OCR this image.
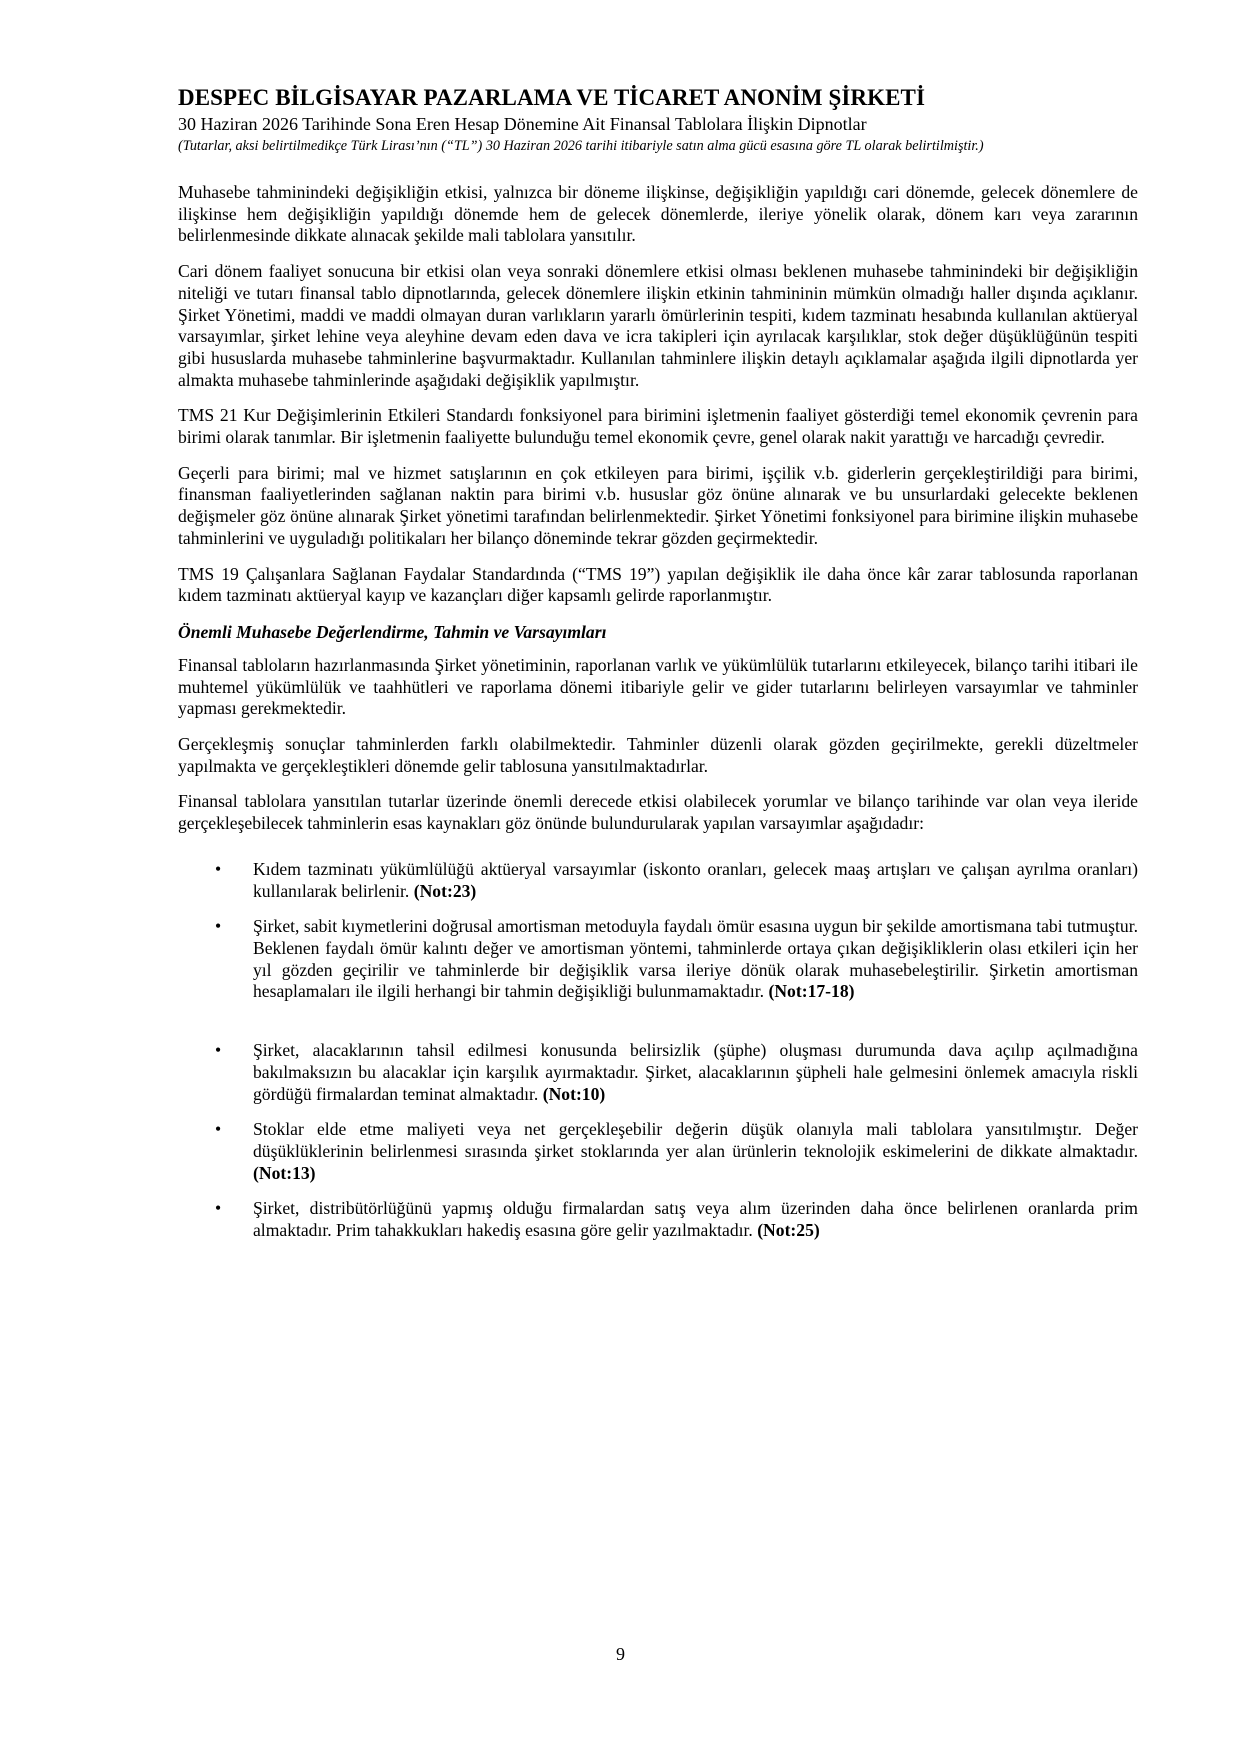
DESPEC BİLGİSAYAR PAZARLAMA VE TİCARET ANONİM ŞİRKETİ
30 Haziran 2026 Tarihinde Sona Eren Hesap Dönemine Ait Finansal Tablolara İlişkin Dipnotlar
(Tutarlar, aksi belirtilmedikçe Türk Lirası’nın (“TL”) 30 Haziran 2026 tarihi itibariyle satın alma gücü esasına göre TL olarak belirtilmiştir.)

Muhasebe tahminindeki değişikliğin etkisi, yalnızca bir döneme ilişkinse, değişikliğin yapıldığı cari dönemde, gelecek dönemlere de ilişkinse hem değişikliğin yapıldığı dönemde hem de gelecek dönemlerde, ileriye yönelik olarak, dönem karı veya zararının belirlenmesinde dikkate alınacak şekilde mali tablolara yansıtılır.

Cari dönem faaliyet sonucuna bir etkisi olan veya sonraki dönemlere etkisi olması beklenen muhasebe tahminindeki bir değişikliğin niteliği ve tutarı finansal tablo dipnotlarında, gelecek dönemlere ilişkin etkinin tahmininin mümkün olmadığı haller dışında açıklanır. Şirket Yönetimi, maddi ve maddi olmayan duran varlıkların yararlı ömürlerinin tespiti, kıdem tazminatı hesabında kullanılan aktüeryal varsayımlar, şirket lehine veya aleyhine devam eden dava ve icra takipleri için ayrılacak karşılıklar, stok değer düşüklüğünün tespiti gibi hususlarda muhasebe tahminlerine başvurmaktadır. Kullanılan tahminlere ilişkin detaylı açıklamalar aşağıda ilgili dipnotlarda yer almakta muhasebe tahminlerinde aşağıdaki değişiklik yapılmıştır.

TMS 21 Kur Değişimlerinin Etkileri Standardı fonksiyonel para birimini işletmenin faaliyet gösterdiği temel ekonomik çevrenin para birimi olarak tanımlar. Bir işletmenin faaliyette bulunduğu temel ekonomik çevre, genel olarak nakit yarattığı ve harcadığı çevredir.

Geçerli para birimi; mal ve hizmet satışlarının en çok etkileyen para birimi, işçilik v.b. giderlerin gerçekleştirildiği para birimi, finansman faaliyetlerinden sağlanan naktin para birimi v.b. hususlar göz önüne alınarak ve bu unsurlardaki gelecekte beklenen değişmeler göz önüne alınarak Şirket yönetimi tarafından belirlenmektedir. Şirket Yönetimi fonksiyonel para birimine ilişkin muhasebe tahminlerini ve uyguladığı politikaları her bilanço döneminde tekrar gözden geçirmektedir.

TMS 19 Çalışanlara Sağlanan Faydalar Standardında (“TMS 19”) yapılan değişiklik ile daha önce kâr zarar tablosunda raporlanan kıdem tazminatı aktüeryal kayıp ve kazançları diğer kapsamlı gelirde raporlanmıştır.

Önemli Muhasebe Değerlendirme, Tahmin ve Varsayımları

Finansal tabloların hazırlanmasında Şirket yönetiminin, raporlanan varlık ve yükümlülük tutarlarını etkileyecek, bilanço tarihi itibari ile muhtemel yükümlülük ve taahhütleri ve raporlama dönemi itibariyle gelir ve gider tutarlarını belirleyen varsayımlar ve tahminler yapması gerekmektedir.

Gerçekleşmiş sonuçlar tahminlerden farklı olabilmektedir. Tahminler düzenli olarak gözden geçirilmekte, gerekli düzeltmeler yapılmakta ve gerçekleştikleri dönemde gelir tablosuna yansıtılmaktadırlar.

Finansal tablolara yansıtılan tutarlar üzerinde önemli derecede etkisi olabilecek yorumlar ve bilanço tarihinde var olan veya ileride gerçekleşebilecek tahminlerin esas kaynakları göz önünde bulundurularak yapılan varsayımlar aşağıdadır:

• Kıdem tazminatı yükümlülüğü aktüeryal varsayımlar (iskonto oranları, gelecek maaş artışları ve çalışan ayrılma oranları) kullanılarak belirlenir. (Not:23)
• Şirket, sabit kıymetlerini doğrusal amortisman metoduyla faydalı ömür esasına uygun bir şekilde amortismana tabi tutmuştur. Beklenen faydalı ömür kalıntı değer ve amortisman yöntemi, tahminlerde ortaya çıkan değişikliklerin olası etkileri için her yıl gözden geçirilir ve tahminlerde bir değişiklik varsa ileriye dönük olarak muhasebeleştirilir. Şirketin amortisman hesaplamaları ile ilgili herhangi bir tahmin değişikliği bulunmamaktadır. (Not:17-18)
• Şirket, alacaklarının tahsil edilmesi konusunda belirsizlik (şüphe) oluşması durumunda dava açılıp açılmadığına bakılmaksızın bu alacaklar için karşılık ayırmaktadır. Şirket, alacaklarının şüpheli hale gelmesini önlemek amacıyla riskli gördüğü firmalardan teminat almaktadır. (Not:10)
• Stoklar elde etme maliyeti veya net gerçekleşebilir değerin düşük olanıyla mali tablolara yansıtılmıştır. Değer düşüklüklerinin belirlenmesi sırasında şirket stoklarında yer alan ürünlerin teknolojik eskimelerini de dikkate almaktadır.(Not:13)
• Şirket, distribütörlüğünü yapmış olduğu firmalardan satış veya alım üzerinden daha önce belirlenen oranlarda prim almaktadır. Prim tahakkukları hakediş esasına göre gelir yazılmaktadır. (Not:25)
9
